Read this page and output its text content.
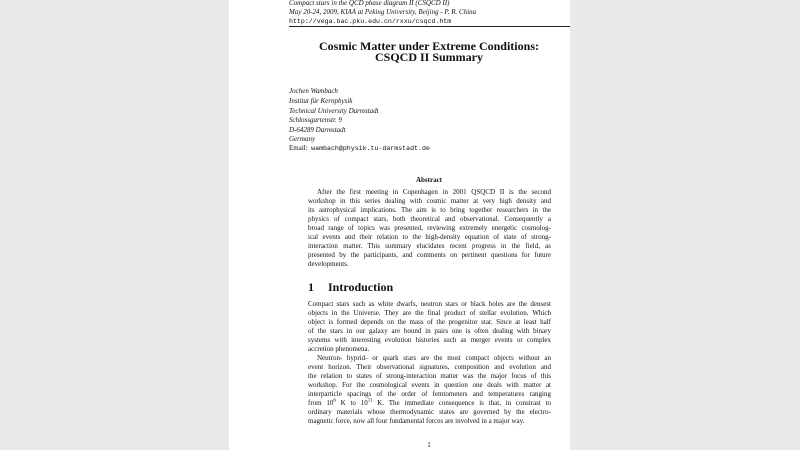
Compact stars in the QCD phase diagram II (CSQCD II)
May 20-24, 2009, KIAA at Peking University, Beijing - P. R. China
http://vega.bac.pku.edu.cn/rxxu/csqcd.htm
Cosmic Matter under Extreme Conditions:
CSQCD II Summary
Jochen Wambach
Institut für Kernphysik
Technical University Darmstadt
Schlossgartenstr. 9
D-64289 Darmstadt
Germany
Email: wambach@physik.tu-darmstadt.de
Abstract
After the first meeting in Copenhagen in 2001 QSQCD II is the second
workshop in this series dealing with cosmic matter at very high density and
its astrophysical implications. The aim is to bring together researchers in the
physics of compact stars, both theoretical and observational. Consequently a
broad range of topics was presented, reviewing extremely energetic cosmolog-
ical events and their relation to the high-density equation of state of strong-
interaction matter. This summary elucidates recent progress in the field, as
presented by the participants, and comments on pertinent questions for future
developments.
1 Introduction
Compact stars such as white dwarfs, neutron stars or black holes are the densest
objects in the Universe. They are the final product of stellar evolution. Which
object is formed depends on the mass of the progenitor star. Since at least half
of the stars in our galaxy are bound in pairs one is often dealing with binary
systems with interesting evolution histories such as merger events or complex
accretion phenomena.
Neutron- hyprid- or quark stars are the most compact objects without an
event horizon. Their observational signatures, composition and evolution and
the relation to states of strong-interaction matter was the major focus of this
workshop. For the cosmological events in question one deals with matter at
interparticle spacings of the order of femtometers and temperatures ranging
from $10^6$ K to $10^{11}$ K. The immediate consequence is that, in constrast to
ordinary materials whose thermodynamic states are governed by the electro-
magnetic force, now all four fundamental forces are involved in a major way.
1
